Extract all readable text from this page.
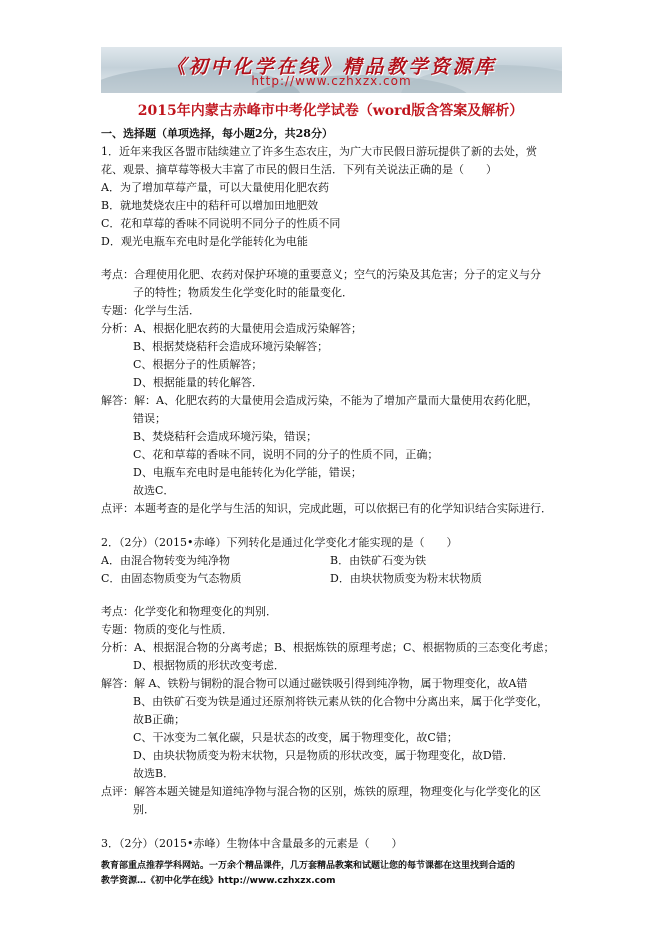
《初中化学在线》精品教学资源库
http://www.czhxzx.com
2015年内蒙古赤峰市中考化学试卷（word版含答案及解析）
一、选择题（单项选择，每小题2分，共28分）
1．近年来我区各盟市陆续建立了许多生态农庄，为广大市民假日游玩提供了新的去处，赏
花、观景、摘草莓等极大丰富了市民的假日生活．下列有关说法正确的是（　　）
A．为了增加草莓产量，可以大量使用化肥农药
B．就地焚烧农庄中的秸秆可以增加田地肥效
C．花和草莓的香味不同说明不同分子的性质不同
D．观光电瓶车充电时是化学能转化为电能
考点：合理使用化肥、农药对保护环境的重要意义；空气的污染及其危害；分子的定义与分
子的特性；物质发生化学变化时的能量变化．
专题：化学与生活．
分析：A、根据化肥农药的大量使用会造成污染解答；
B、根据焚烧秸秆会造成环境污染解答；
C、根据分子的性质解答；
D、根据能量的转化解答．
解答：解：A、化肥农药的大量使用会造成污染，不能为了增加产量而大量使用农药化肥，
错误；
B、焚烧秸秆会造成环境污染，错误；
C、花和草莓的香味不同，说明不同的分子的性质不同，正确；
D、电瓶车充电时是电能转化为化学能，错误；
故选C．
点评：本题考查的是化学与生活的知识，完成此题，可以依据已有的化学知识结合实际进行．
2．（2分）（2015•赤峰）下列转化是通过化学变化才能实现的是（　　）
A．由混合物转变为纯净物	B．由铁矿石变为铁
C．由固态物质变为气态物质	D．由块状物质变为粉末状物质
考点：化学变化和物理变化的判别．
专题：物质的变化与性质．
分析：A、根据混合物的分离考虑；B、根据炼铁的原理考虑；C、根据物质的三态变化考虑；
D、根据物质的形状改变考虑．
解答：解 A、铁粉与铜粉的混合物可以通过磁铁吸引得到纯净物，属于物理变化，故A错
B、由铁矿石变为铁是通过还原剂将铁元素从铁的化合物中分离出来，属于化学变化，
故B正确；
C、干冰变为二氧化碳，只是状态的改变，属于物理变化，故C错；
D、由块状物质变为粉末状物，只是物质的形状改变，属于物理变化，故D错．
故选B．
点评：解答本题关键是知道纯净物与混合物的区别，炼铁的原理，物理变化与化学变化的区
别．
3．（2分）（2015•赤峰）生物体中含量最多的元素是（　　）
教育部重点推荐学科网站。一万余个精品课件，几万套精品教案和试题让您的每节课都在这里找到合适的
教学资源…《初中化学在线》http://www.czhxzx.com
